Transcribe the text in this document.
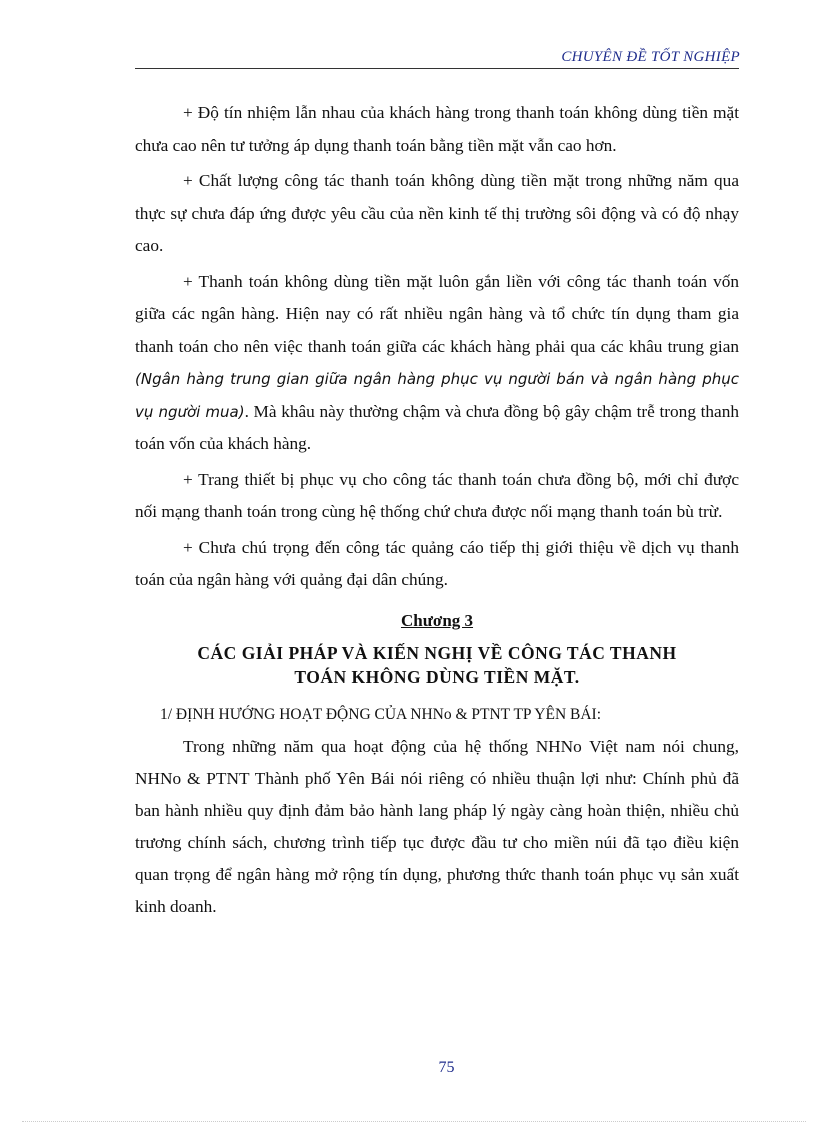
CHUYÊN ĐỀ TỐT NGHIỆP

+ Độ tín nhiệm lẫn nhau của khách hàng trong thanh toán không dùng tiền mặt chưa cao nên tư tưởng áp dụng thanh toán bằng tiền mặt vẫn cao hơn.

+ Chất lượng công tác thanh toán không dùng tiền mặt trong những năm qua thực sự chưa đáp ứng được yêu cầu của nền kinh tế thị trường sôi động và có độ nhạy cao.

+ Thanh toán không dùng tiền mặt luôn gắn liền với công tác thanh toán vốn giữa các ngân hàng. Hiện nay có rất nhiều ngân hàng và tổ chức tín dụng tham gia thanh toán cho nên việc thanh toán giữa các khách hàng phải qua các khâu trung gian (Ngân hàng trung gian giữa ngân hàng phục vụ người bán và ngân hàng phục vụ người mua). Mà khâu này thường chậm và chưa đồng bộ gây chậm trễ trong thanh toán vốn của khách hàng.

+ Trang thiết bị phục vụ cho công tác thanh toán chưa đồng bộ, mới chỉ được nối mạng thanh toán trong cùng hệ thống chứ chưa được nối mạng thanh toán bù trừ.

+ Chưa chú trọng đến công tác quảng cáo tiếp thị giới thiệu về dịch vụ thanh toán của ngân hàng với quảng đại dân chúng.

Chương 3
CÁC GIẢI PHÁP VÀ KIẾN NGHỊ VỀ CÔNG TÁC THANH
TOÁN KHÔNG DÙNG TIỀN MẶT.
1/ ĐỊNH HƯỚNG HOẠT ĐỘNG CỦA NHNo & PTNT TP YÊN BÁI:

Trong những năm qua hoạt động của hệ thống NHNo Việt nam nói chung, NHNo & PTNT Thành phố Yên Bái nói riêng có nhiều thuận lợi như: Chính phủ đã ban hành nhiều quy định đảm bảo hành lang pháp lý ngày càng hoàn thiện, nhiều chủ trương chính sách, chương trình tiếp tục được đầu tư cho miền núi đã tạo điều kiện quan trọng để ngân hàng mở rộng tín dụng, phương thức thanh toán phục vụ sản xuất kinh doanh.

75
